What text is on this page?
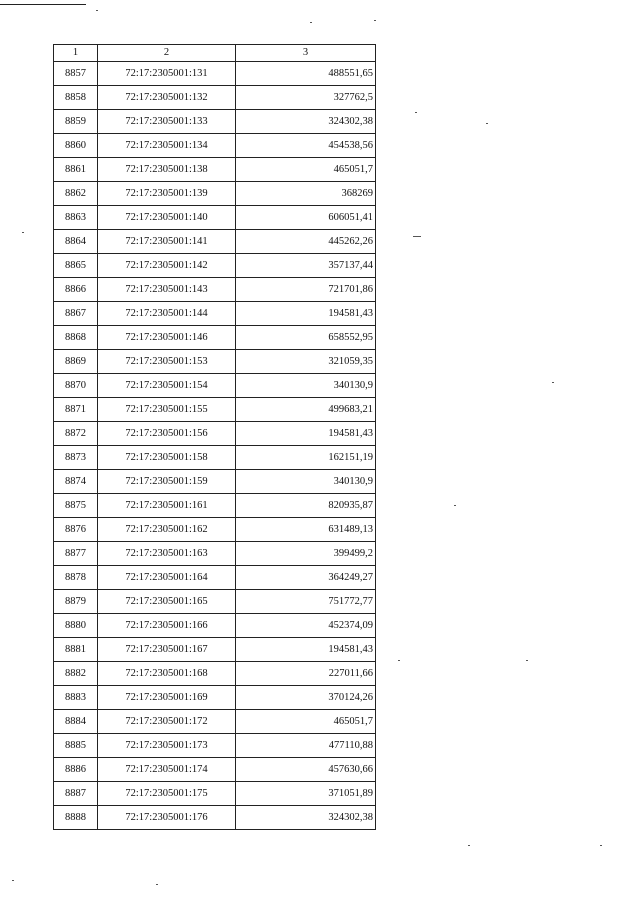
1	2	3
8857	72:17:2305001:131	488551,65
8858	72:17:2305001:132	327762,5
8859	72:17:2305001:133	324302,38
8860	72:17:2305001:134	454538,56
8861	72:17:2305001:138	465051,7
8862	72:17:2305001:139	368269
8863	72:17:2305001:140	606051,41
8864	72:17:2305001:141	445262,26
8865	72:17:2305001:142	357137,44
8866	72:17:2305001:143	721701,86
8867	72:17:2305001:144	194581,43
8868	72:17:2305001:146	658552,95
8869	72:17:2305001:153	321059,35
8870	72:17:2305001:154	340130,9
8871	72:17:2305001:155	499683,21
8872	72:17:2305001:156	194581,43
8873	72:17:2305001:158	162151,19
8874	72:17:2305001:159	340130,9
8875	72:17:2305001:161	820935,87
8876	72:17:2305001:162	631489,13
8877	72:17:2305001:163	399499,2
8878	72:17:2305001:164	364249,27
8879	72:17:2305001:165	751772,77
8880	72:17:2305001:166	452374,09
8881	72:17:2305001:167	194581,43
8882	72:17:2305001:168	227011,66
8883	72:17:2305001:169	370124,26
8884	72:17:2305001:172	465051,7
8885	72:17:2305001:173	477110,88
8886	72:17:2305001:174	457630,66
8887	72:17:2305001:175	371051,89
8888	72:17:2305001:176	324302,38
